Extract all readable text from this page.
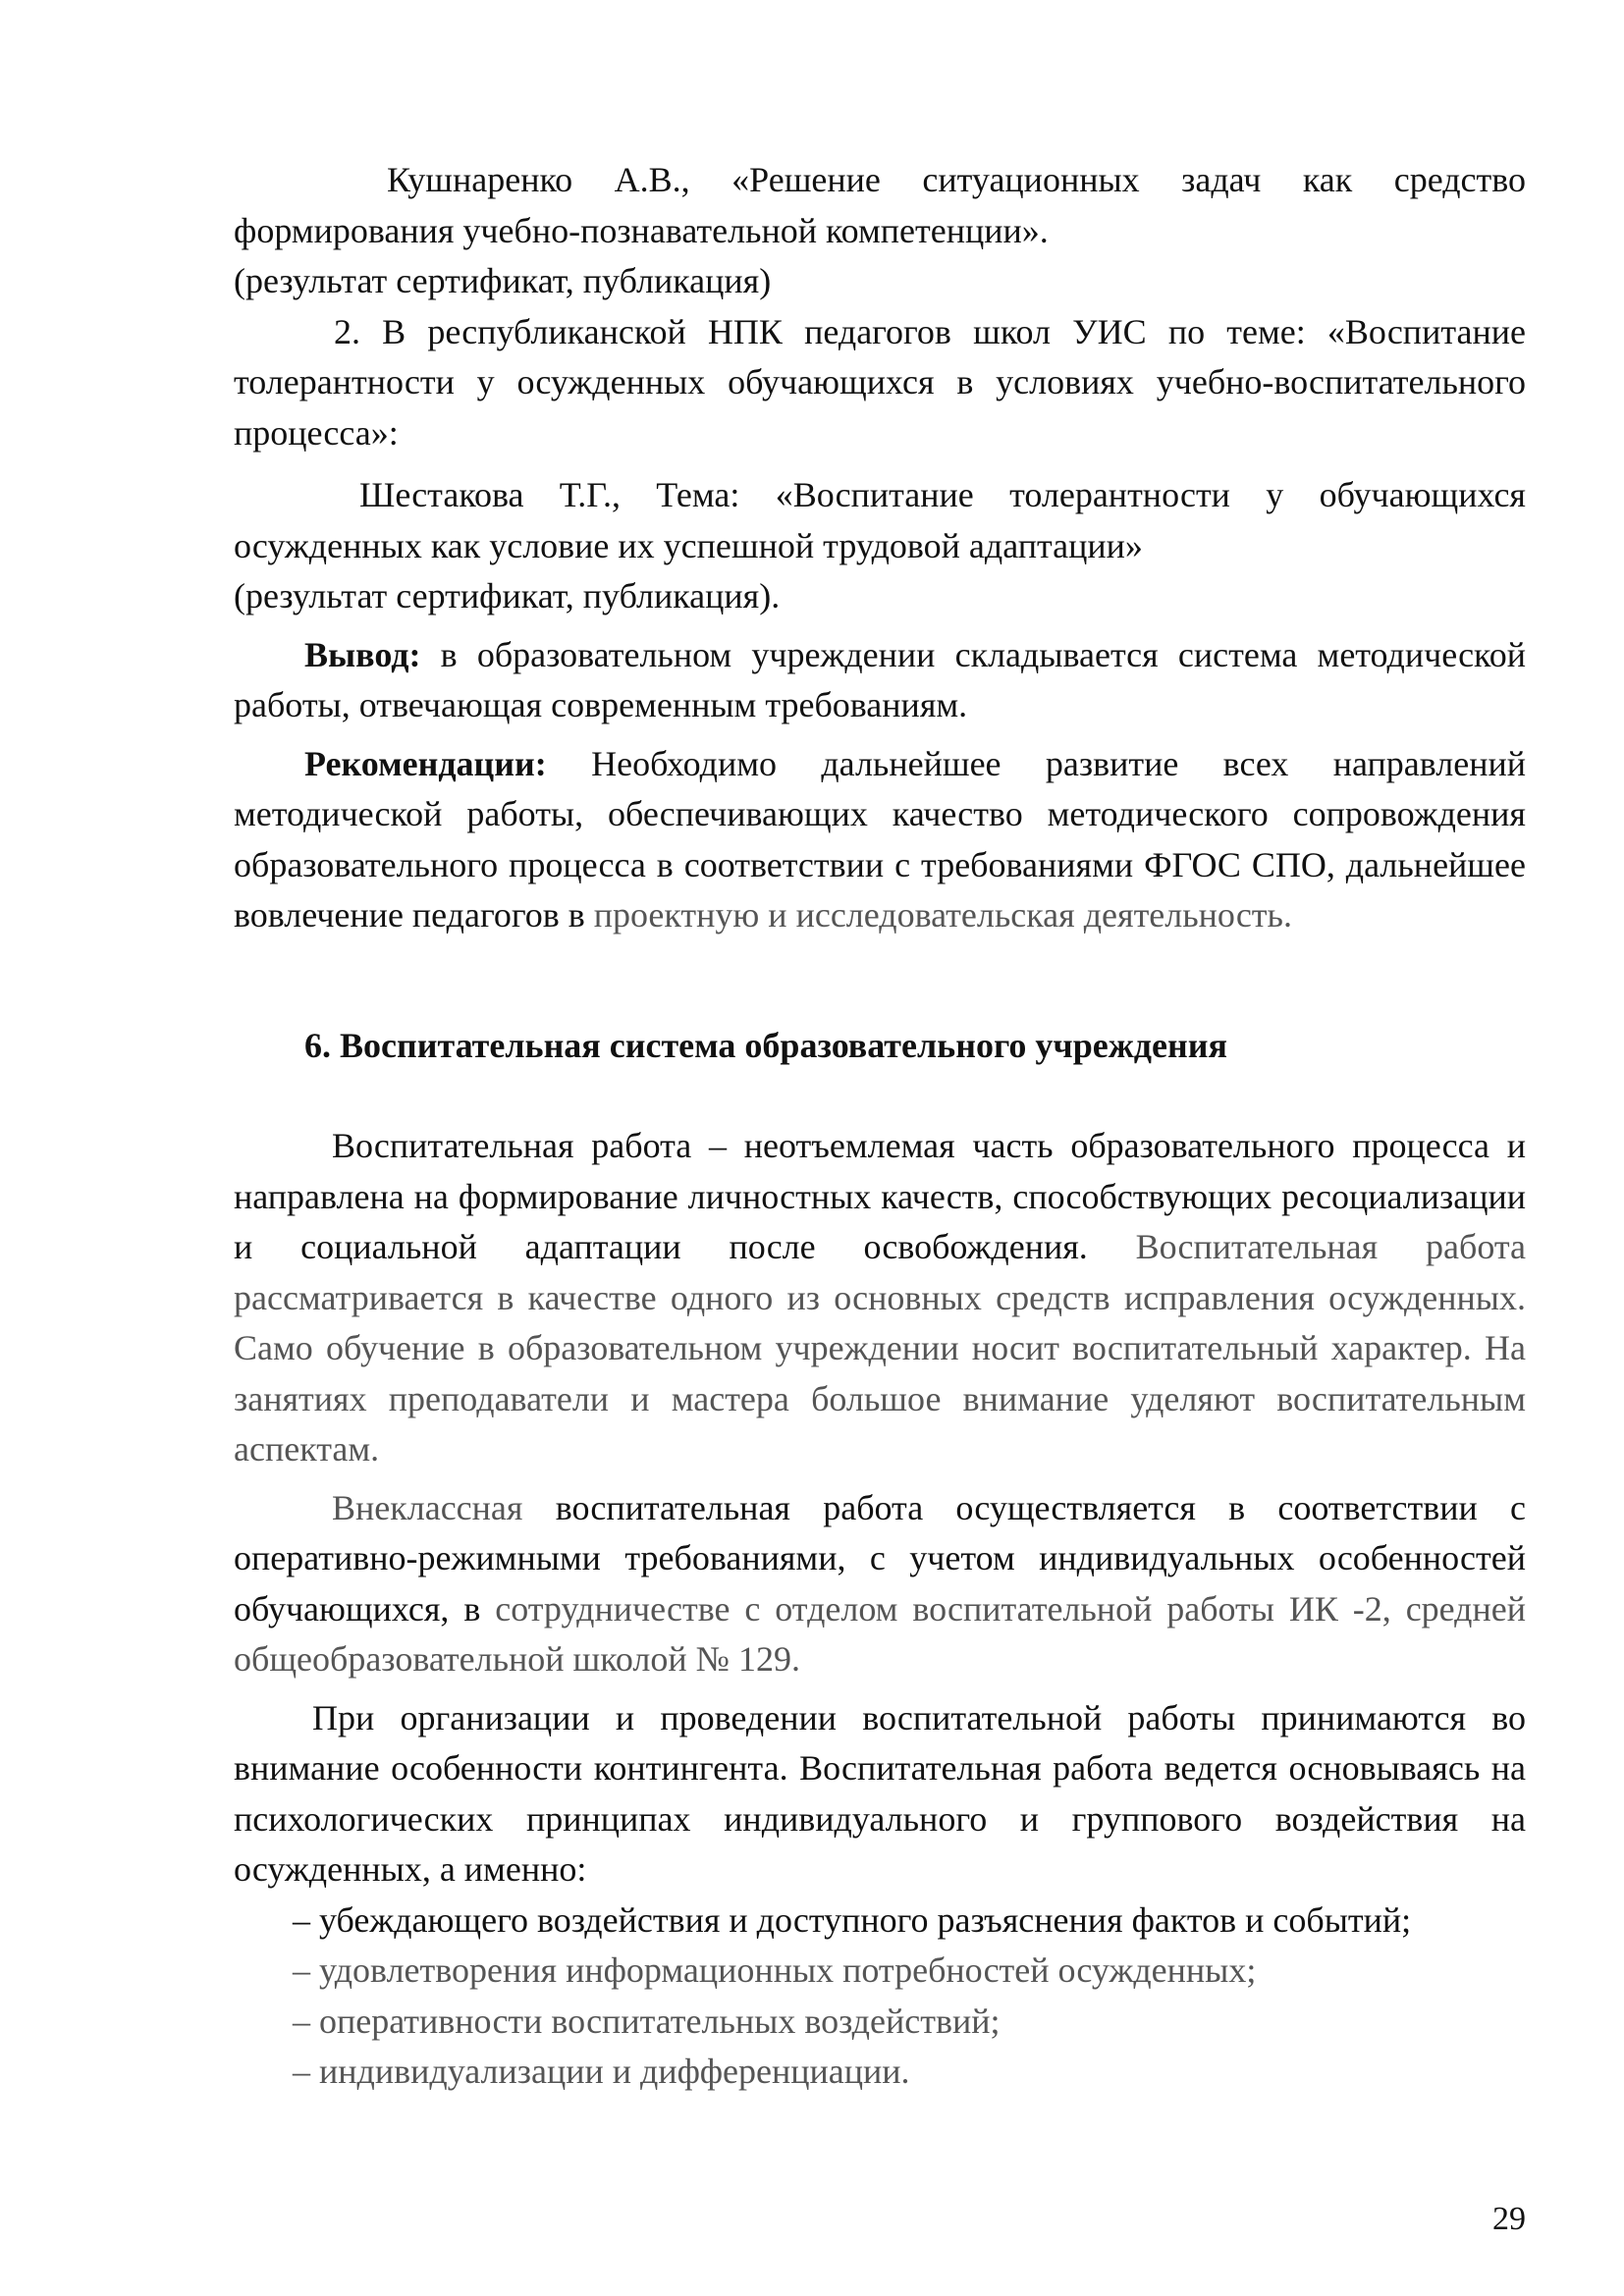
Кушнаренко А.В., «Решение ситуационных задач как средство формирования учебно-познавательной компетенции».
(результат сертификат, публикация)

2. В республиканской НПК педагогов школ УИС по теме: «Воспитание толерантности у осужденных обучающихся в условиях учебно-воспитательного процесса»:

Шестакова Т.Г., Тема: «Воспитание толерантности у обучающихся осужденных как условие их успешной трудовой адаптации»
(результат сертификат, публикация).

Вывод: в образовательном учреждении складывается система методической работы, отвечающая современным требованиям.

Рекомендации: Необходимо дальнейшее развитие всех направлений методической работы, обеспечивающих качество методического сопровождения образовательного процесса в соответствии с требованиями ФГОС СПО, дальнейшее вовлечение педагогов в проектную и исследовательская деятельность.

6. Воспитательная система образовательного учреждения

Воспитательная работа – неотъемлемая часть образовательного процесса и направлена на формирование личностных качеств, способствующих ресоциализации и социальной адаптации после освобождения. Воспитательная работа рассматривается в качестве одного из основных средств исправления осужденных. Само обучение в образовательном учреждении носит воспитательный характер. На занятиях преподаватели и мастера большое внимание уделяют воспитательным аспектам.

Внеклассная воспитательная работа осуществляется в соответствии с оперативно-режимными требованиями, с учетом индивидуальных особенностей обучающихся, в сотрудничестве с отделом воспитательной работы ИК -2, средней общеобразовательной школой № 129.

При организации и проведении воспитательной работы принимаются во внимание особенности контингента. Воспитательная работа ведется основываясь на психологических принципах индивидуального и группового воздействия на осужденных, а именно:

– убеждающего воздействия и доступного разъяснения фактов и событий;
– удовлетворения информационных потребностей осужденных;
– оперативности воспитательных воздействий;
– индивидуализации и дифференциации.
29
